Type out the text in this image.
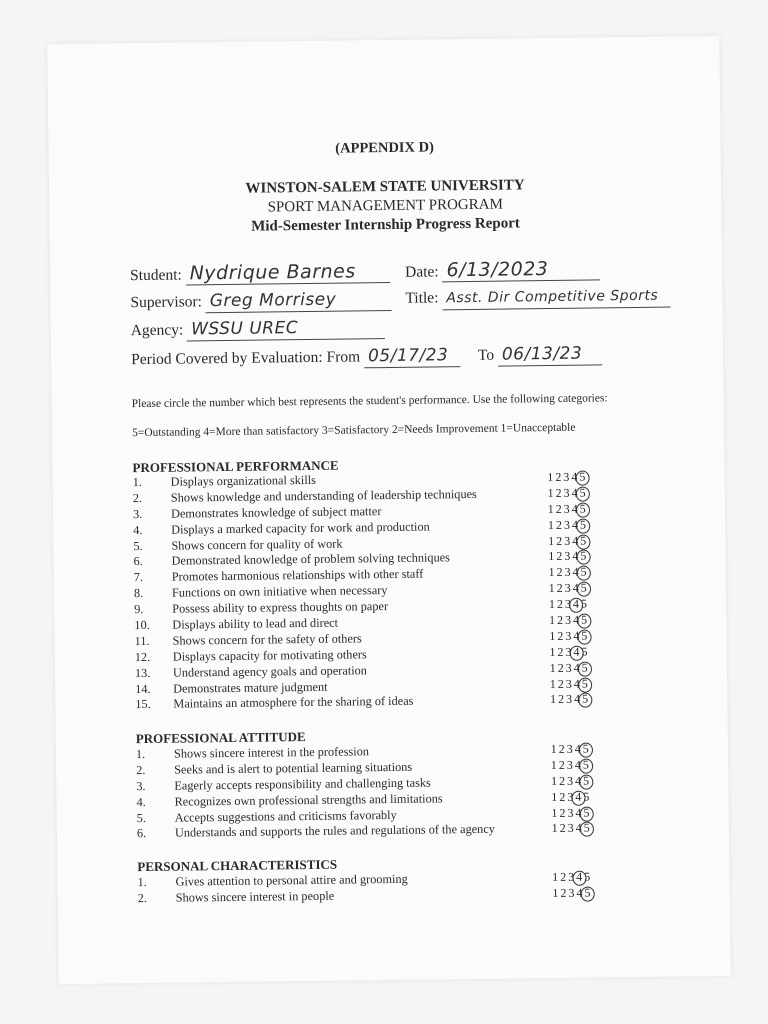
(APPENDIX D)
WINSTON-SALEM STATE UNIVERSITY
SPORT MANAGEMENT PROGRAM
Mid-Semester Internship Progress Report
Student: Nydrique Barnes	Date: 6/13/2023
Supervisor: Greg Morrisey	Title: Asst. Dir Competitive Sports
Agency: WSSU UREC
Period Covered by Evaluation: From 05/17/23 To 06/13/23
Please circle the number which best represents the student's performance. Use the following categories:
5=Outstanding 4=More than satisfactory 3=Satisfactory 2=Needs Improvement 1=Unacceptable
PROFESSIONAL PERFORMANCE
1.	Displays organizational skills	12345
2.	Shows knowledge and understanding of leadership techniques	12345
3.	Demonstrates knowledge of subject matter	12345
4.	Displays a marked capacity for work and production	12345
5.	Shows concern for quality of work	12345
6.	Demonstrated knowledge of problem solving techniques	12345
7.	Promotes harmonious relationships with other staff	12345
8.	Functions on own initiative when necessary	12345
9.	Possess ability to express thoughts on paper	12345
10.	Displays ability to lead and direct	12345
11.	Shows concern for the safety of others	12345
12.	Displays capacity for motivating others	12345
13.	Understand agency goals and operation	12345
14.	Demonstrates mature judgment	12345
15.	Maintains an atmosphere for the sharing of ideas	12345
PROFESSIONAL ATTITUDE
1.	Shows sincere interest in the profession	12345
2.	Seeks and is alert to potential learning situations	12345
3.	Eagerly accepts responsibility and challenging tasks	12345
4.	Recognizes own professional strengths and limitations	12345
5.	Accepts suggestions and criticisms favorably	12345
6.	Understands and supports the rules and regulations of the agency	12345
PERSONAL CHARACTERISTICS
1.	Gives attention to personal attire and grooming	12345
2.	Shows sincere interest in people	12345
